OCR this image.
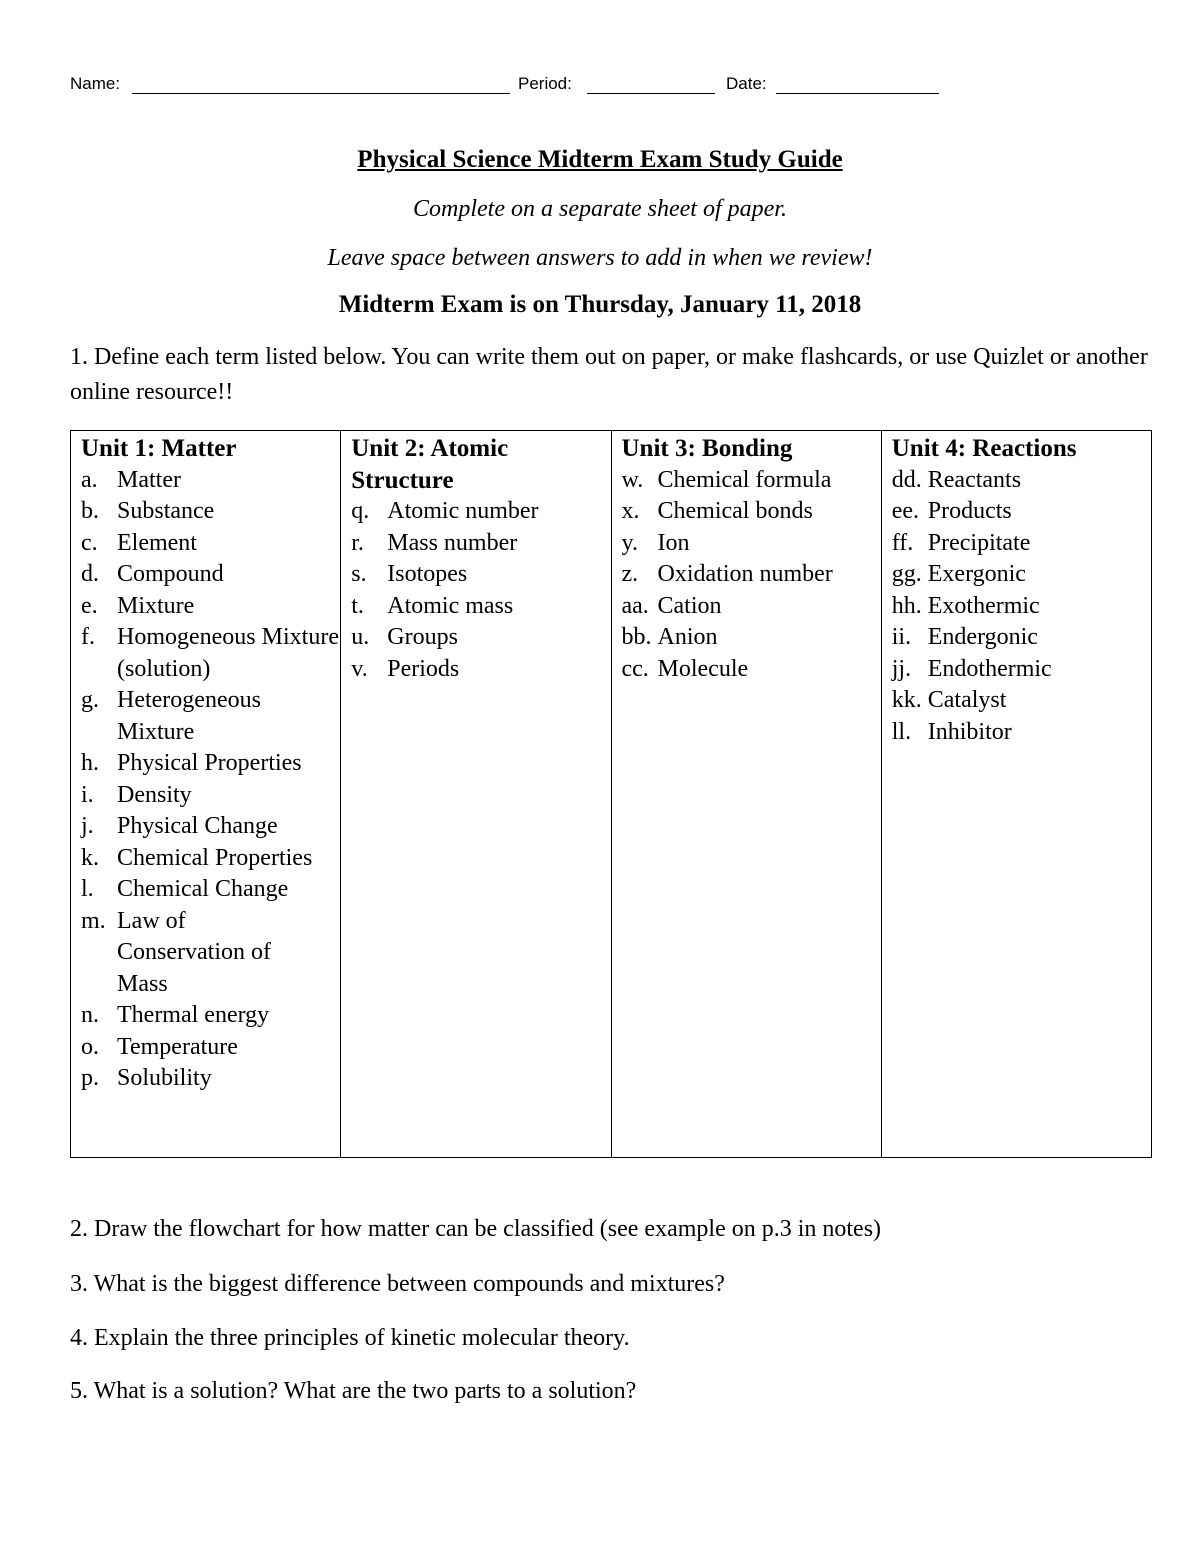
Name:	Period:	Date:
Physical Science Midterm Exam Study Guide
Complete on a separate sheet of paper.
Leave space between answers to add in when we review!
Midterm Exam is on Thursday, January 11, 2018
1. Define each term listed below. You can write them out on paper, or make flashcards, or use Quizlet or another online resource!!
Unit 1: Matter
a. Matter
b. Substance
c. Element
d. Compound
e. Mixture
f. Homogeneous Mixture (solution)
g. Heterogeneous Mixture
h. Physical Properties
i. Density
j. Physical Change
k. Chemical Properties
l. Chemical Change
m. Law of Conservation of Mass
n. Thermal energy
o. Temperature
p. Solubility
Unit 2: Atomic Structure
q. Atomic number
r. Mass number
s. Isotopes
t. Atomic mass
u. Groups
v. Periods
Unit 3: Bonding
w. Chemical formula
x. Chemical bonds
y. Ion
z. Oxidation number
aa. Cation
bb. Anion
cc. Molecule
Unit 4: Reactions
dd. Reactants
ee. Products
ff. Precipitate
gg. Exergonic
hh. Exothermic
ii. Endergonic
jj. Endothermic
kk. Catalyst
ll. Inhibitor
2. Draw the flowchart for how matter can be classified (see example on p.3 in notes)
3. What is the biggest difference between compounds and mixtures?
4. Explain the three principles of kinetic molecular theory.
5. What is a solution? What are the two parts to a solution?
